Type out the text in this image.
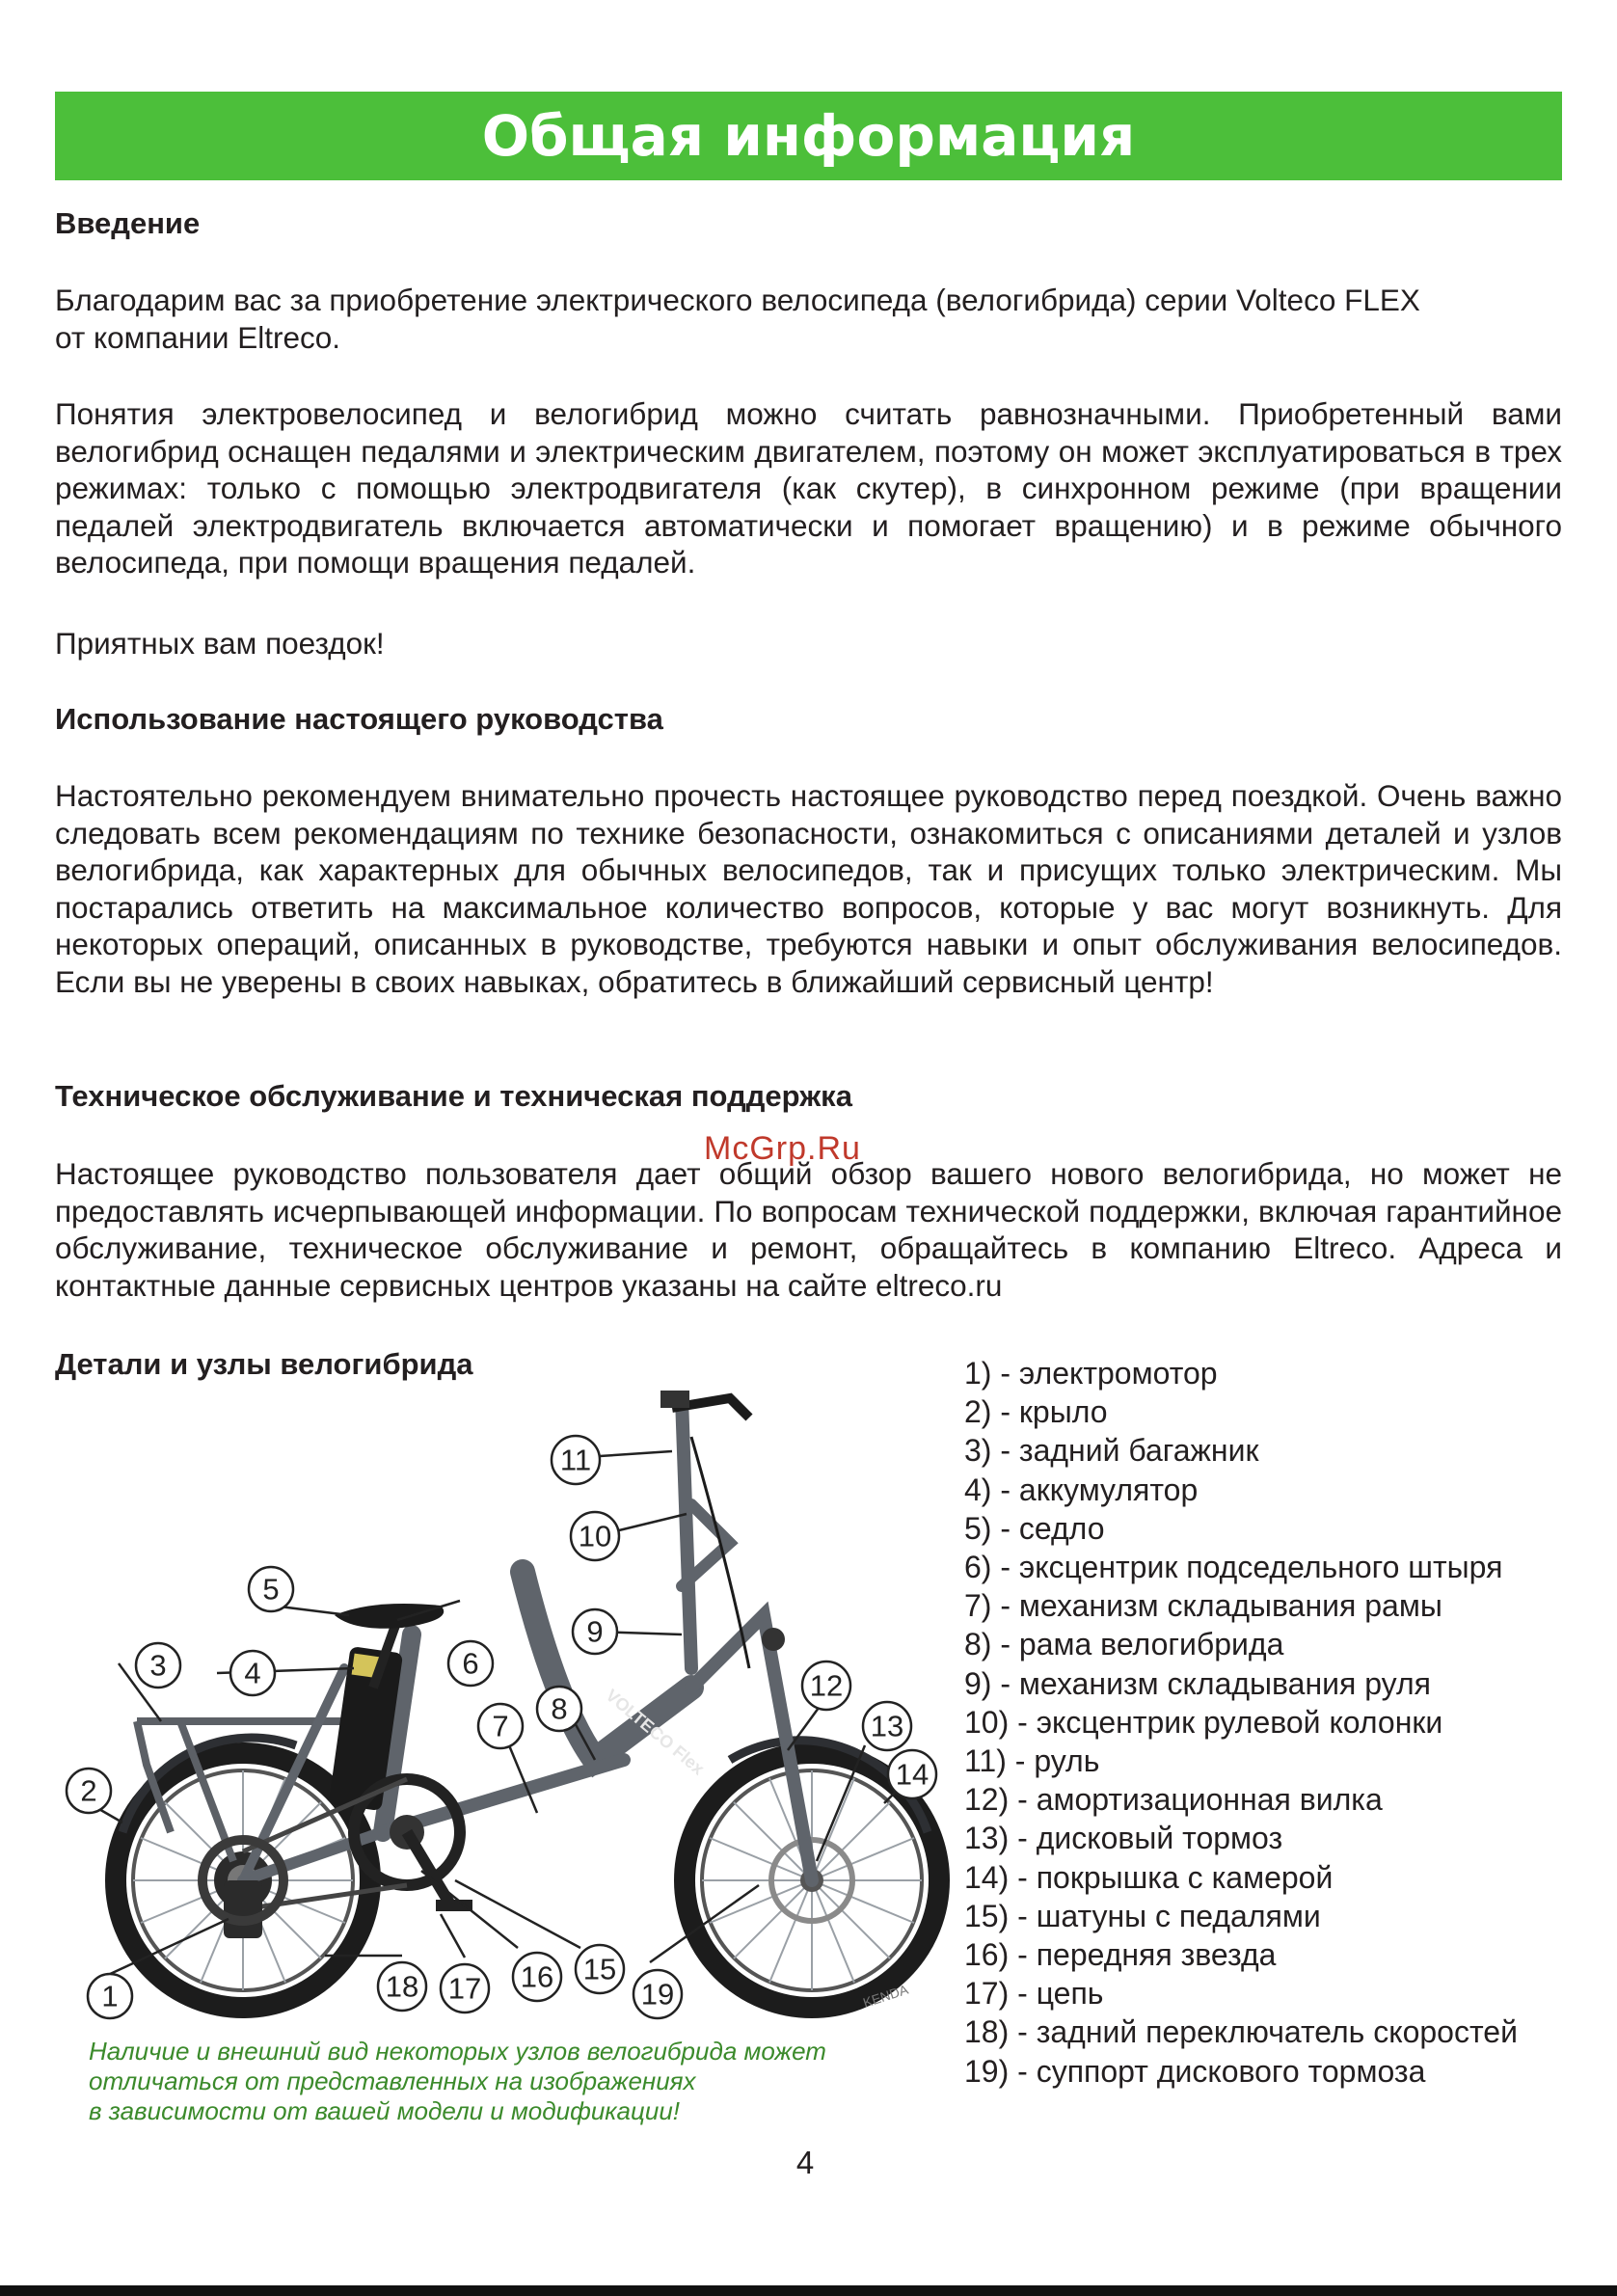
Общая информация
Введение
Благодарим вас за приобретение электрического велосипеда (велогибрида) серии Volteco FLEX
от компании Eltreco.
Понятия электровелосипед и велогибрид можно считать равнозначными. Приобретенный вами велогибрид оснащен педалями и электрическим двигателем, поэтому он может эксплуатироваться в трех режимах: только с помощью электродвигателя (как скутер), в синхронном режиме (при вращении педалей электродвигатель включается автоматически и помогает вращению) и в режиме обычного велосипеда, при помощи вращения педалей.
Приятных вам поездок!
Использование настоящего руководства
Настоятельно рекомендуем внимательно прочесть настоящее руководство перед поездкой. Очень важно следовать всем рекомендациям по технике безопасности, ознакомиться с описаниями деталей и узлов велогибрида, как характерных для обычных велосипедов, так и присущих только электрическим. Мы постарались ответить на максимальное количество вопросов, которые у вас могут возникнуть. Для некоторых операций, описанных в руководстве, требуются навыки и опыт обслуживания велосипедов. Если вы не уверены в своих навыках, обратитесь в ближайший сервисный центр!
Техническое обслуживание и техническая поддержка
McGrp.Ru
Настоящее руководство пользователя дает общий обзор вашего нового велогибрида, но может не предоставлять исчерпывающей информации. По вопросам технической поддержки, включая гарантийное обслуживание, техническое обслуживание и ремонт, обращайтесь в компанию Eltreco. Адреса и контактные данные сервисных центров указаны на сайте eltreco.ru
Детали и узлы велогибрида
KENDA
VOLTECO Flex
1
2
3	4
5
6
7
8
9
10
11
12
13
14
15
16
17
18	19
1) - электромотор
2) - крыло
3) - задний багажник
4) - аккумулятор
5) - седло
6) - эксцентрик подседельного штыря
7) - механизм складывания рамы
8) - рама велогибрида
9) - механизм складывания руля
10) - эксцентрик рулевой колонки
11) - руль
12) - амортизационная вилка
13) - дисковый тормоз
14) - покрышка с камерой
15) - шатуны с педалями
16) - передняя звезда
17) - цепь
18) - задний переключатель скоростей
19) - суппорт дискового тормоза
Наличие и внешний вид некоторых узлов велогибрида может
отличаться от представленных на изображениях
в зависимости от вашей модели и модификации!
4
